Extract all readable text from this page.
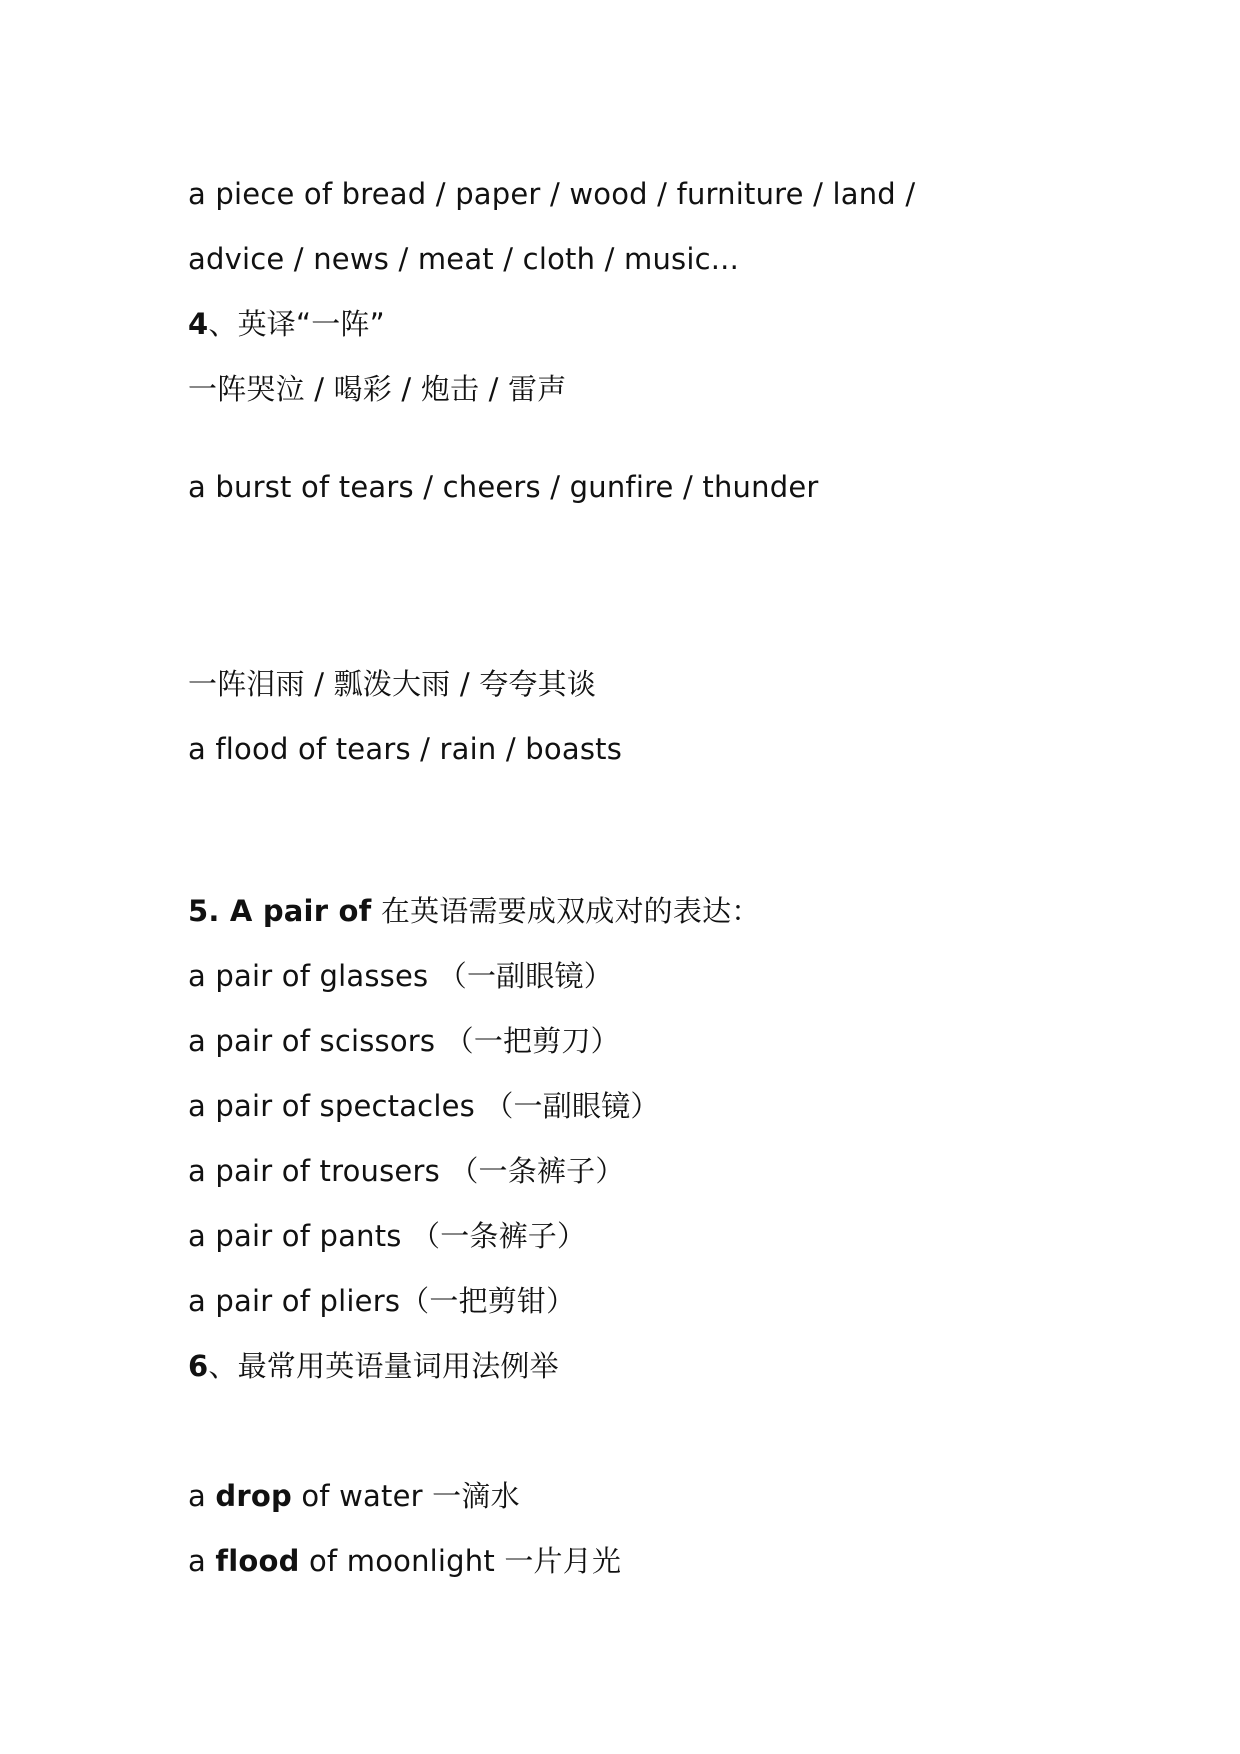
a piece of bread / paper / wood / furniture / land /
advice / news / meat / cloth / music...
4、英译“一阵”
一阵哭泣 / 喝彩 / 炮击 / 雷声
a burst of tears / cheers / gunfire / thunder
一阵泪雨 / 瓢泼大雨 / 夸夸其谈
a flood of tears / rain / boasts
5. A pair of 在英语需要成双成对的表达：
a pair of glasses （一副眼镜）
a pair of scissors （一把剪刀）
a pair of spectacles （一副眼镜）
a pair of trousers （一条裤子）
a pair of pants （一条裤子）
a pair of pliers（一把剪钳）
6、最常用英语量词用法例举
a drop of water 一滴水
a flood of moonlight 一片月光
